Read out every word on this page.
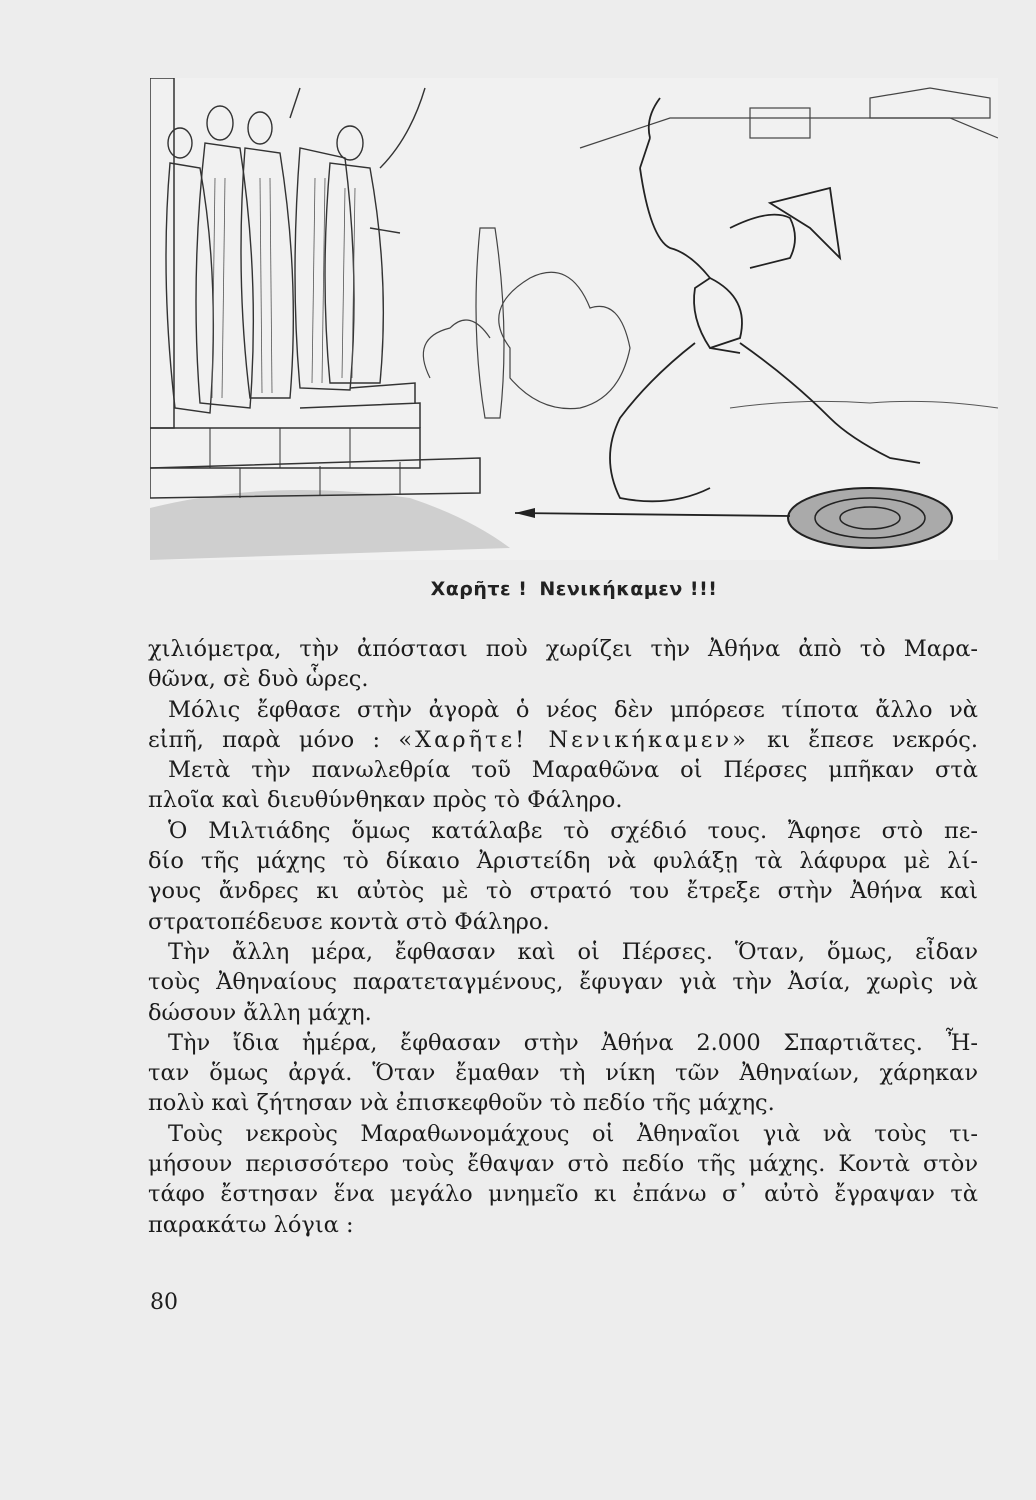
Χαρῆτε ! Νενικήκαμεν !!!
χιλιόμετρα, τὴν ἀπόστασι ποὺ χωρίζει τὴν Ἀθήνα ἀπὸ τὸ Μαρα-
θῶνα, σὲ δυὸ ὧρες.
Μόλις ἔφθασε στὴν ἀγορὰ ὁ νέος δὲν μπόρεσε τίποτα ἄλλο νὰ
εἰπῆ, παρὰ μόνο : «Χαρῆτε! Νενικήκαμεν» κι ἔπεσε νεκρός.
Μετὰ τὴν πανωλεθρία τοῦ Μαραθῶνα οἱ Πέρσες μπῆκαν στὰ
πλοῖα καὶ διευθύνθηκαν πρὸς τὸ Φάληρο.
Ὁ Μιλτιάδης ὅμως κατάλαβε τὸ σχέδιό τους. Ἄφησε στὸ πε-
δίο τῆς μάχης τὸ δίκαιο Ἀριστείδη νὰ φυλάξῃ τὰ λάφυρα μὲ λί-
γους ἄνδρες κι αὐτὸς μὲ τὸ στρατό του ἔτρεξε στὴν Ἀθήνα καὶ
στρατοπέδευσε κοντὰ στὸ Φάληρο.
Τὴν ἄλλη μέρα, ἔφθασαν καὶ οἱ Πέρσες. Ὅταν, ὅμως, εἶδαν
τοὺς Ἀθηναίους παρατεταγμένους, ἔφυγαν γιὰ τὴν Ἀσία, χωρὶς νὰ
δώσουν ἄλλη μάχη.
Τὴν ἴδια ἡμέρα, ἔφθασαν στὴν Ἀθήνα 2.000 Σπαρτιᾶτες. Ἦ-
ταν ὅμως ἀργά. Ὅταν ἔμαθαν τὴ νίκη τῶν Ἀθηναίων, χάρηκαν
πολὺ καὶ ζήτησαν νὰ ἐπισκεφθοῦν τὸ πεδίο τῆς μάχης.
Τοὺς νεκροὺς Μαραθωνομάχους οἱ Ἀθηναῖοι γιὰ νὰ τοὺς τι-
μήσουν περισσότερο τοὺς ἔθαψαν στὸ πεδίο τῆς μάχης. Κοντὰ στὸν
τάφο ἔστησαν ἕνα μεγάλο μνημεῖο κι ἐπάνω σ᾽ αὐτὸ ἔγραψαν τὰ
παρακάτω λόγια :
80
